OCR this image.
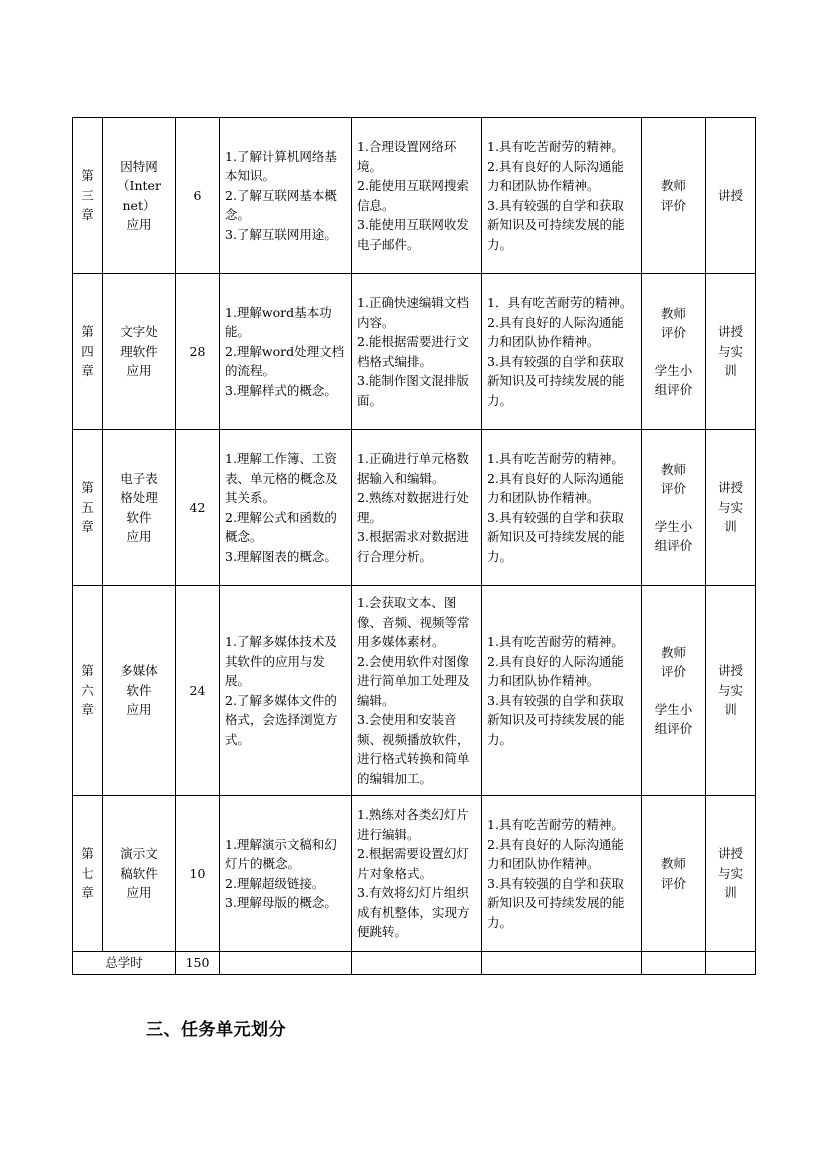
第
三
章	因特网
（Inter
net）
应用	6	1.了解计算机网络基本知识。
2.了解互联网基本概念。
3.了解互联网用途。	1.合理设置网络环境。
2.能使用互联网搜索信息。
3.能使用互联网收发电子邮件。	1.具有吃苦耐劳的精神。
2.具有良好的人际沟通能力和团队协作精神。
3.具有较强的自学和获取新知识及可持续发展的能力。	教师
评价	讲授

第
四
章	文字处
理软件
应用	28	1.理解word基本功能。
2.理解word处理文档的流程。
3.理解样式的概念。	1.正确快速编辑文档内容。
2.能根据需要进行文档格式编排。
3.能制作图文混排版面。	1．具有吃苦耐劳的精神。
2.具有良好的人际沟通能力和团队协作精神。
3.具有较强的自学和获取新知识及可持续发展的能力。	教师
评价
学生小
组评价	讲授
与实
训

第
五
章	电子表
格处理
软件
应用	42	1.理解工作簿、工资表、单元格的概念及其关系。
2.理解公式和函数的概念。
3.理解图表的概念。	1.正确进行单元格数据输入和编辑。
2.熟练对数据进行处理。
3.根据需求对数据进行合理分析。	1.具有吃苦耐劳的精神。
2.具有良好的人际沟通能力和团队协作精神。
3.具有较强的自学和获取新知识及可持续发展的能力。	教师
评价
学生小
组评价	讲授
与实
训

第
六
章	多媒体
软件
应用	24	1.了解多媒体技术及其软件的应用与发展。
2.了解多媒体文件的格式，会选择浏览方式。	1.会获取文本、图像、音频、视频等常用多媒体素材。
2.会使用软件对图像进行简单加工处理及编辑。
3.会使用和安装音频、视频播放软件，进行格式转换和简单的编辑加工。	1.具有吃苦耐劳的精神。
2.具有良好的人际沟通能力和团队协作精神。
3.具有较强的自学和获取新知识及可持续发展的能力。	教师
评价
学生小
组评价	讲授
与实
训

第
七
章	演示文
稿软件
应用	10	1.理解演示文稿和幻灯片的概念。
2.理解超级链接。
3.理解母版的概念。	1.熟练对各类幻灯片进行编辑。
2.根据需要设置幻灯片对象格式。
3.有效将幻灯片组织成有机整体，实现方便跳转。	1.具有吃苦耐劳的精神。
2.具有良好的人际沟通能力和团队协作精神。
3.具有较强的自学和获取新知识及可持续发展的能力。	教师
评价	讲授
与实
训

总学时		150					
三、任务单元划分
